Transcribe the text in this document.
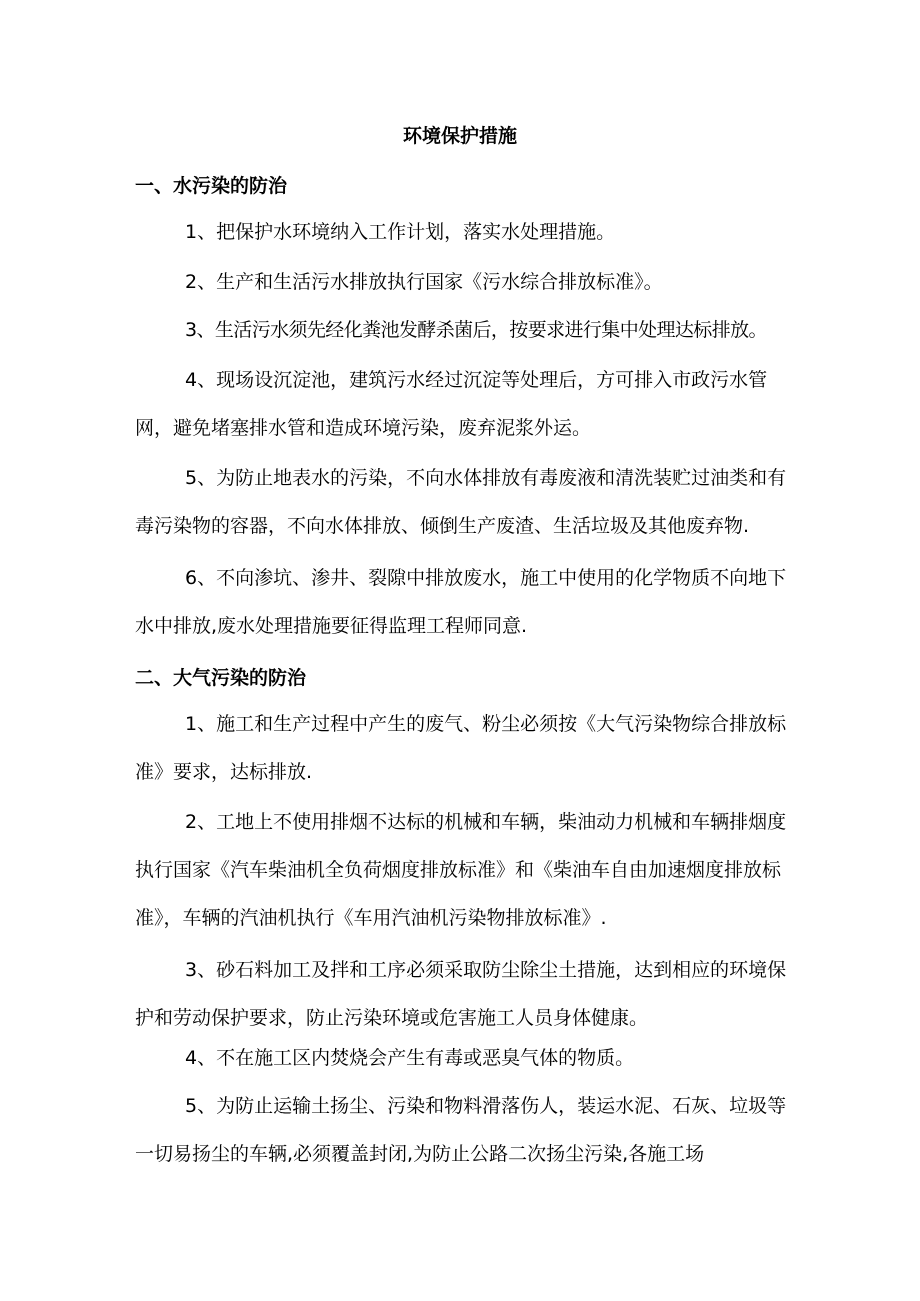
环境保护措施
一、水污染的防治
1、把保护水环境纳入工作计划，落实水处理措施。
2、生产和生活污水排放执行国家《污水综合排放标准》。
3、生活污水须先经化粪池发酵杀菌后，按要求进行集中处理达标排放。
4、现场设沉淀池，建筑污水经过沉淀等处理后，方可排入市政污水管网，避免堵塞排水管和造成环境污染，废弃泥浆外运。
5、为防止地表水的污染，不向水体排放有毒废液和清洗装贮过油类和有毒污染物的容器，不向水体排放、倾倒生产废渣、生活垃圾及其他废弃物.
6、不向渗坑、渗井、裂隙中排放废水，施工中使用的化学物质不向地下水中排放,废水处理措施要征得监理工程师同意.
二、大气污染的防治
1、施工和生产过程中产生的废气、粉尘必须按《大气污染物综合排放标准》要求，达标排放.
2、工地上不使用排烟不达标的机械和车辆，柴油动力机械和车辆排烟度执行国家《汽车柴油机全负荷烟度排放标准》和《柴油车自由加速烟度排放标准》，车辆的汽油机执行《车用汽油机污染物排放标准》.
3、砂石料加工及拌和工序必须采取防尘除尘土措施，达到相应的环境保护和劳动保护要求，防止污染环境或危害施工人员身体健康。
4、不在施工区内焚烧会产生有毒或恶臭气体的物质。
5、为防止运输土扬尘、污染和物料滑落伤人，装运水泥、石灰、垃圾等一切易扬尘的车辆,必须覆盖封闭,为防止公路二次扬尘污染,各施工场
